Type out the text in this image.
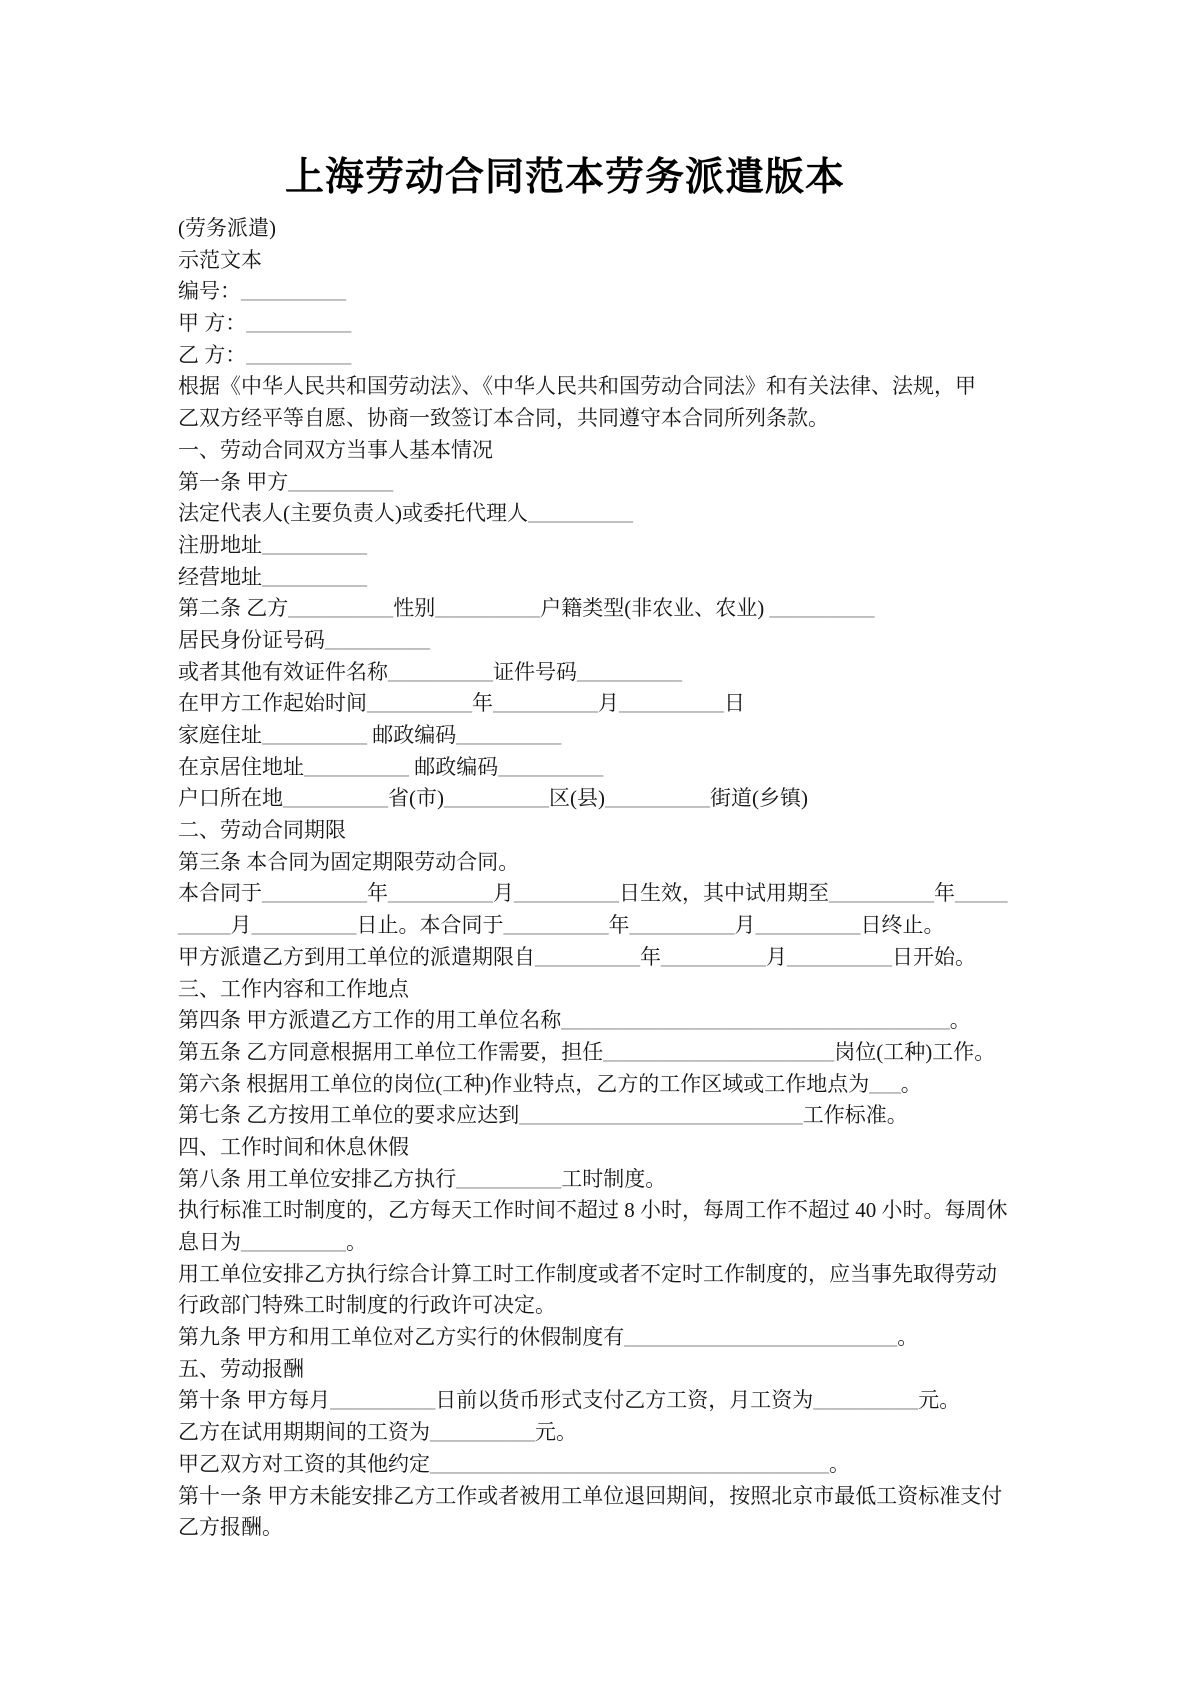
上海劳动合同范本劳务派遣版本
(劳务派遣)
示范文本
编号：__________
甲 方：__________
乙 方：__________
根据《中华人民共和国劳动法》、《中华人民共和国劳动合同法》和有关法律、法规，甲
乙双方经平等自愿、协商一致签订本合同，共同遵守本合同所列条款。
一、劳动合同双方当事人基本情况
第一条 甲方__________
法定代表人(主要负责人)或委托代理人__________
注册地址__________
经营地址__________
第二条 乙方__________性别__________户籍类型(非农业、农业) __________
居民身份证号码__________
或者其他有效证件名称__________证件号码__________
在甲方工作起始时间__________年__________月__________日
家庭住址__________ 邮政编码__________
在京居住地址__________ 邮政编码__________
户口所在地__________省(市)__________区(县)__________街道(乡镇)
二、劳动合同期限
第三条 本合同为固定期限劳动合同。
本合同于__________年__________月__________日生效，其中试用期至__________年_____
_____月__________日止。本合同于__________年__________月__________日终止。
甲方派遣乙方到用工单位的派遣期限自__________年__________月__________日开始。
三、工作内容和工作地点
第四条 甲方派遣乙方工作的用工单位名称_____________________________________。
第五条 乙方同意根据用工单位工作需要，担任______________________岗位(工种)工作。
第六条 根据用工单位的岗位(工种)作业特点，乙方的工作区域或工作地点为___。
第七条 乙方按用工单位的要求应达到___________________________工作标准。
四、工作时间和休息休假
第八条 用工单位安排乙方执行__________工时制度。
执行标准工时制度的，乙方每天工作时间不超过 8 小时，每周工作不超过 40 小时。每周休
息日为__________。
用工单位安排乙方执行综合计算工时工作制度或者不定时工作制度的，应当事先取得劳动
行政部门特殊工时制度的行政许可决定。
第九条 甲方和用工单位对乙方实行的休假制度有__________________________。
五、劳动报酬
第十条 甲方每月__________日前以货币形式支付乙方工资，月工资为__________元。
乙方在试用期期间的工资为__________元。
甲乙双方对工资的其他约定______________________________________。
第十一条 甲方未能安排乙方工作或者被用工单位退回期间，按照北京市最低工资标准支付
乙方报酬。
